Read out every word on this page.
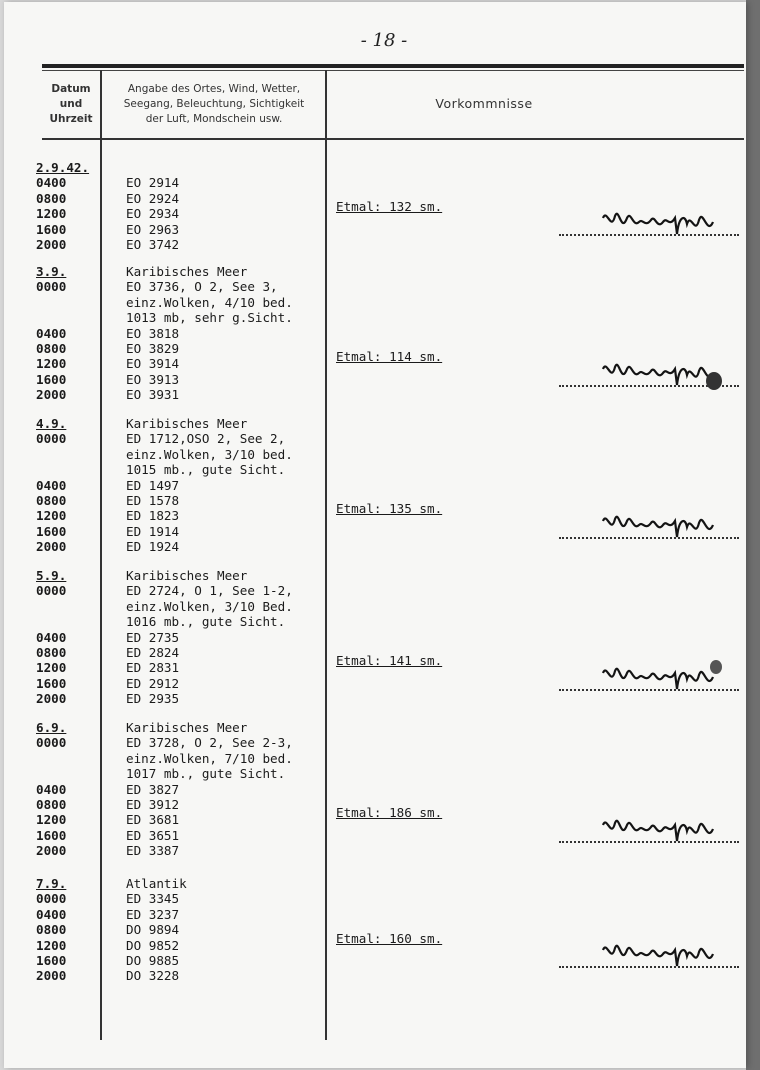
- 18 -
Datum
und
Uhrzeit
Angabe des Ortes, Wind, Wetter,
Seegang, Beleuchtung, Sichtigkeit
der Luft, Mondschein usw.
Vorkommnisse
2.9.42.
0400	EO 2914
0800	EO 2924
1200	EO 2934	Etmal: 132 sm.
1600	EO 2963
2000	EO 3742
3.9.	Karibisches Meer
0000	EO 3736, O 2, See 3,
einz.Wolken, 4/10 bed.
1013 mb, sehr g.Sicht.
0400	EO 3818
0800	EO 3829
1200	EO 3914	Etmal: 114 sm.
1600	EO 3913
2000	EO 3931
4.9.	Karibisches Meer
0000	ED 1712,OSO 2, See 2,
einz.Wolken, 3/10 bed.
1015 mb., gute Sicht.
0400	ED 1497
0800	ED 1578
1200	ED 1823	Etmal: 135 sm.
1600	ED 1914
2000	ED 1924
5.9.	Karibisches Meer
0000	ED 2724, O 1, See 1-2,
einz.Wolken, 3/10 Bed.
1016 mb., gute Sicht.
0400	ED 2735
0800	ED 2824
1200	ED 2831	Etmal: 141 sm.
1600	ED 2912
2000	ED 2935
6.9.	Karibisches Meer
0000	ED 3728, O 2, See 2-3,
einz.Wolken, 7/10 bed.
1017 mb., gute Sicht.
0400	ED 3827
0800	ED 3912
1200	ED 3681	Etmal: 186 sm.
1600	ED 3651
2000	ED 3387
7.9.	Atlantik
0000	ED 3345
0400	ED 3237
0800	DO 9894
1200	DO 9852	Etmal: 160 sm.
1600	DO 9885
2000	DO 3228
